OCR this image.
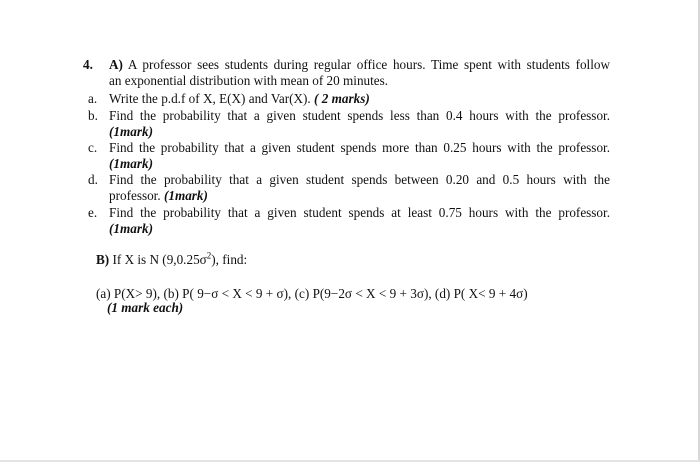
4. A) A professor sees students during regular office hours. Time spent with students follow
an exponential distribution with mean of 20 minutes.
a. Write the p.d.f of X, E(X) and Var(X). ( 2 marks)
b. Find the probability that a given student spends less than 0.4 hours with the professor.
(1mark)
c. Find the probability that a given student spends more than 0.25 hours with the professor.
(1mark)
d. Find the probability that a given student spends between 0.20 and 0.5 hours with the
professor. (1mark)
e. Find the probability that a given student spends at least 0.75 hours with the professor.
(1mark)
B) If X is N $(9,0.25\sigma^2)$, find:
(a) P(X> 9), (b) P( 9−σ < X < 9 + σ), (c) P(9−2σ < X < 9 + 3σ), (d) P( X< 9 + 4σ)
(1 mark each)
